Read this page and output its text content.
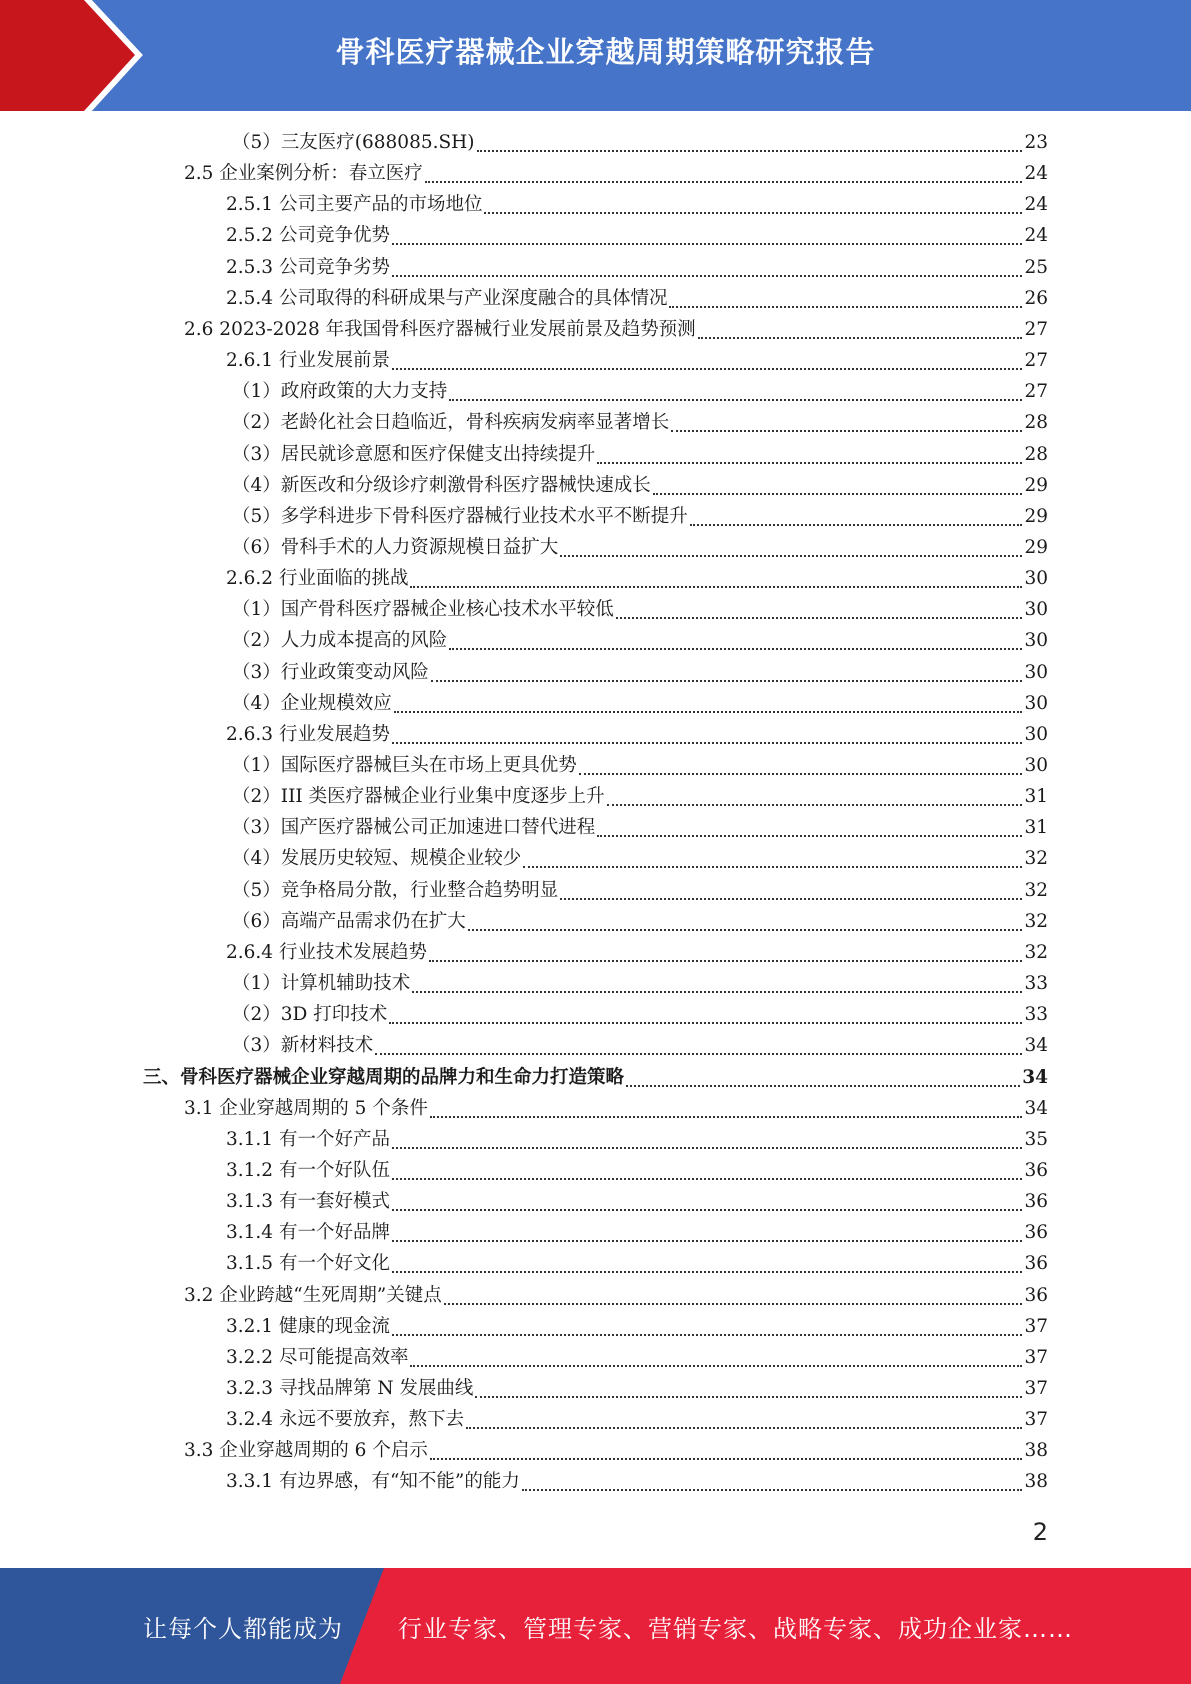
骨科医疗器械企业穿越周期策略研究报告
（5）三友医疗(688085.SH)	23
2.5 企业案例分析：春立医疗	24
2.5.1 公司主要产品的市场地位	24
2.5.2 公司竞争优势	24
2.5.3 公司竞争劣势	25
2.5.4 公司取得的科研成果与产业深度融合的具体情况	26
2.6 2023-2028 年我国骨科医疗器械行业发展前景及趋势预测	27
2.6.1 行业发展前景	27
（1）政府政策的大力支持	27
（2）老龄化社会日趋临近，骨科疾病发病率显著增长	28
（3）居民就诊意愿和医疗保健支出持续提升	28
（4）新医改和分级诊疗刺激骨科医疗器械快速成长	29
（5）多学科进步下骨科医疗器械行业技术水平不断提升	29
（6）骨科手术的人力资源规模日益扩大	29
2.6.2 行业面临的挑战	30
（1）国产骨科医疗器械企业核心技术水平较低	30
（2）人力成本提高的风险	30
（3）行业政策变动风险	30
（4）企业规模效应	30
2.6.3 行业发展趋势	30
（1）国际医疗器械巨头在市场上更具优势	30
（2）III 类医疗器械企业行业集中度逐步上升	31
（3）国产医疗器械公司正加速进口替代进程	31
（4）发展历史较短、规模企业较少	32
（5）竞争格局分散，行业整合趋势明显	32
（6）高端产品需求仍在扩大	32
2.6.4 行业技术发展趋势	32
（1）计算机辅助技术	33
（2）3D 打印技术	33
（3）新材料技术	34
三、骨科医疗器械企业穿越周期的品牌力和生命力打造策略	34
3.1 企业穿越周期的 5 个条件	34
3.1.1 有一个好产品	35
3.1.2 有一个好队伍	36
3.1.3 有一套好模式	36
3.1.4 有一个好品牌	36
3.1.5 有一个好文化	36
3.2 企业跨越“生死周期”关键点	36
3.2.1 健康的现金流	37
3.2.2 尽可能提高效率	37
3.2.3 寻找品牌第 N 发展曲线	37
3.2.4 永远不要放弃，熬下去	37
3.3 企业穿越周期的 6 个启示	38
3.3.1 有边界感，有“知不能”的能力	38
2
让每个人都能成为 行业专家、管理专家、营销专家、战略专家、成功企业家……
